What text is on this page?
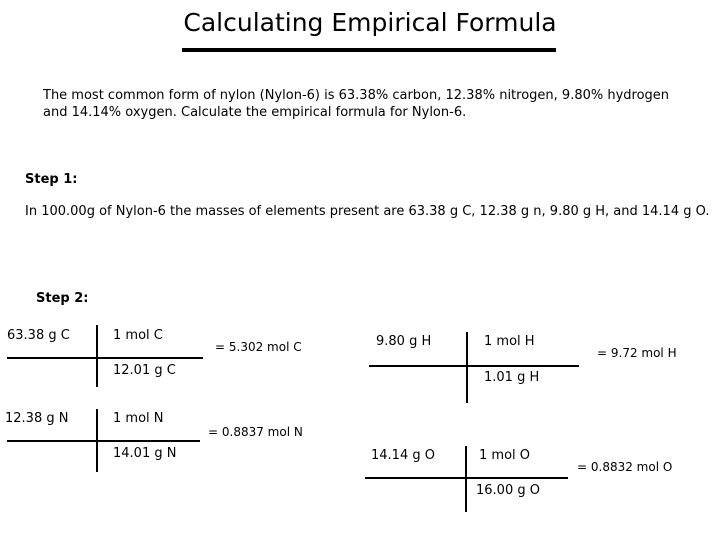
Calculating Empirical Formula
The most common form of nylon (Nylon-6) is 63.38% carbon, 12.38% nitrogen, 9.80% hydrogen and 14.14% oxygen. Calculate the empirical formula for Nylon-6.
Step 1:
In 100.00g of Nylon-6 the masses of elements present are 63.38 g C, 12.38 g n, 9.80 g H, and 14.14 g O.
Step 2:
63.38 g C	1 mol C
12.01 g C
= 5.302 mol C
12.38 g N	1 mol N
14.01 g N
= 0.8837 mol N
9.80 g H	1 mol H
1.01 g H
= 9.72 mol H
14.14 g O	1 mol O
16.00 g O
= 0.8832 mol O
